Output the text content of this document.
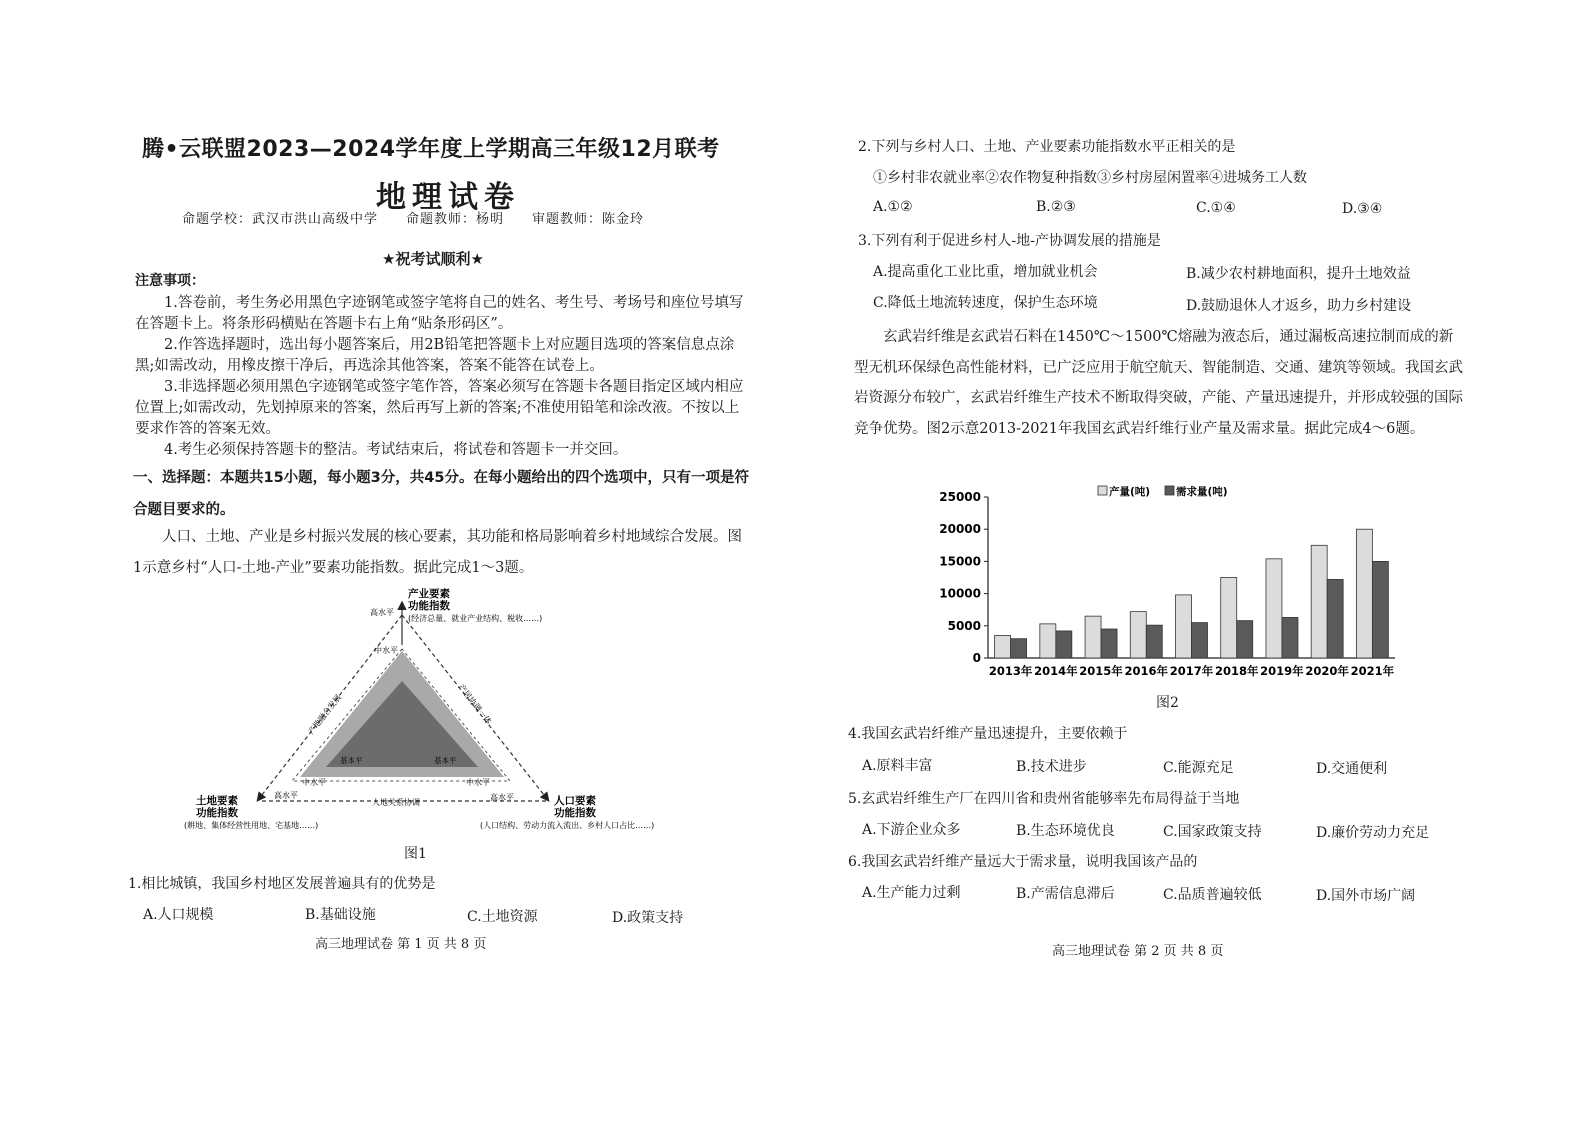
腾•云联盟2023—2024学年度上学期高三年级12月联考
地理试卷
命题学校：武汉市洪山高级中学　　命题教师：杨明　　审题教师：陈金玲
★祝考试顺利★
注意事项：

1.答卷前，考生务必用黑色字迹钢笔或签字笔将自己的姓名、考生号、考场号和座位号填写在答题卡上。将条形码横贴在答题卡右上角“贴条形码区”。

2.作答选择题时，选出每小题答案后，用2B铅笔把答题卡上对应题目选项的答案信息点涂黑;如需改动，用橡皮擦干净后，再选涂其他答案，答案不能答在试卷上。

3.非选择题必须用黑色字迹钢笔或签字笔作答，答案必须写在答题卡各题目指定区域内相应位置上;如需改动，先划掉原来的答案，然后再写上新的答案;不准使用铅笔和涂改液。不按以上要求作答的答案无效。

4.考生必须保持答题卡的整洁。考试结束后，将试卷和答题卡一并交回。

一、选择题：本题共15小题，每小题3分，共45分。在每小题给出的四个选项中，只有一项是符合题目要求的。
人口、土地、产业是乡村振兴发展的核心要素，其功能和格局影响着乡村地域综合发展。图1示意乡村“人口-土地-产业”要素功能指数。据此完成1～3题。
产业要素
功能指数
(经济总量、就业产业结构、税收……)
高水平
中水平
产地融合发展	产居协调一体
人地关系协调
基本平	基本平
中水平
高水平
中水平
高水平
土地要素
功能指数
(耕地、集体经营性用地、宅基地……)
人口要素
功能指数
(人口结构、劳动力流入流出、乡村人口占比……)
图1
1.相比城镇，我国乡村地区发展普遍具有的优势是
A.人口规模	B.基础设施	C.土地资源	D.政策支持
高三地理试卷 第 1 页 共 8 页
2.下列与乡村人口、土地、产业要素功能指数水平正相关的是
①乡村非农就业率②农作物复种指数③乡村房屋闲置率④进城务工人数
A.①②	B.②③	C.①④	D.③④
3.下列有利于促进乡村人-地-产协调发展的措施是
A.提高重化工业比重，增加就业机会	B.减少农村耕地面积，提升土地效益
C.降低土地流转速度，保护生态环境	D.鼓励退休人才返乡，助力乡村建设
玄武岩纤维是玄武岩石料在1450℃～1500℃熔融为液态后，通过漏板高速拉制而成的新型无机环保绿色高性能材料，已广泛应用于航空航天、智能制造、交通、建筑等领域。我国玄武岩资源分布较广，玄武岩纤维生产技术不断取得突破，产能、产量迅速提升，并形成较强的国际竞争优势。图2示意2013-2021年我国玄武岩纤维行业产量及需求量。据此完成4～6题。
0
5000
10000
15000
20000
25000
2013年 2014年 2015年 2016年 2017年 2018年 2019年 2020年 2021年
产量(吨) 需求量(吨)
图2
4.我国玄武岩纤维产量迅速提升，主要依赖于
A.原料丰富	B.技术进步	C.能源充足	D.交通便利
5.玄武岩纤维生产厂在四川省和贵州省能够率先布局得益于当地
A.下游企业众多	B.生态环境优良	C.国家政策支持	D.廉价劳动力充足
6.我国玄武岩纤维产量远大于需求量，说明我国该产品的
A.生产能力过剩	B.产需信息滞后	C.品质普遍较低	D.国外市场广阔
高三地理试卷 第 2 页 共 8 页
